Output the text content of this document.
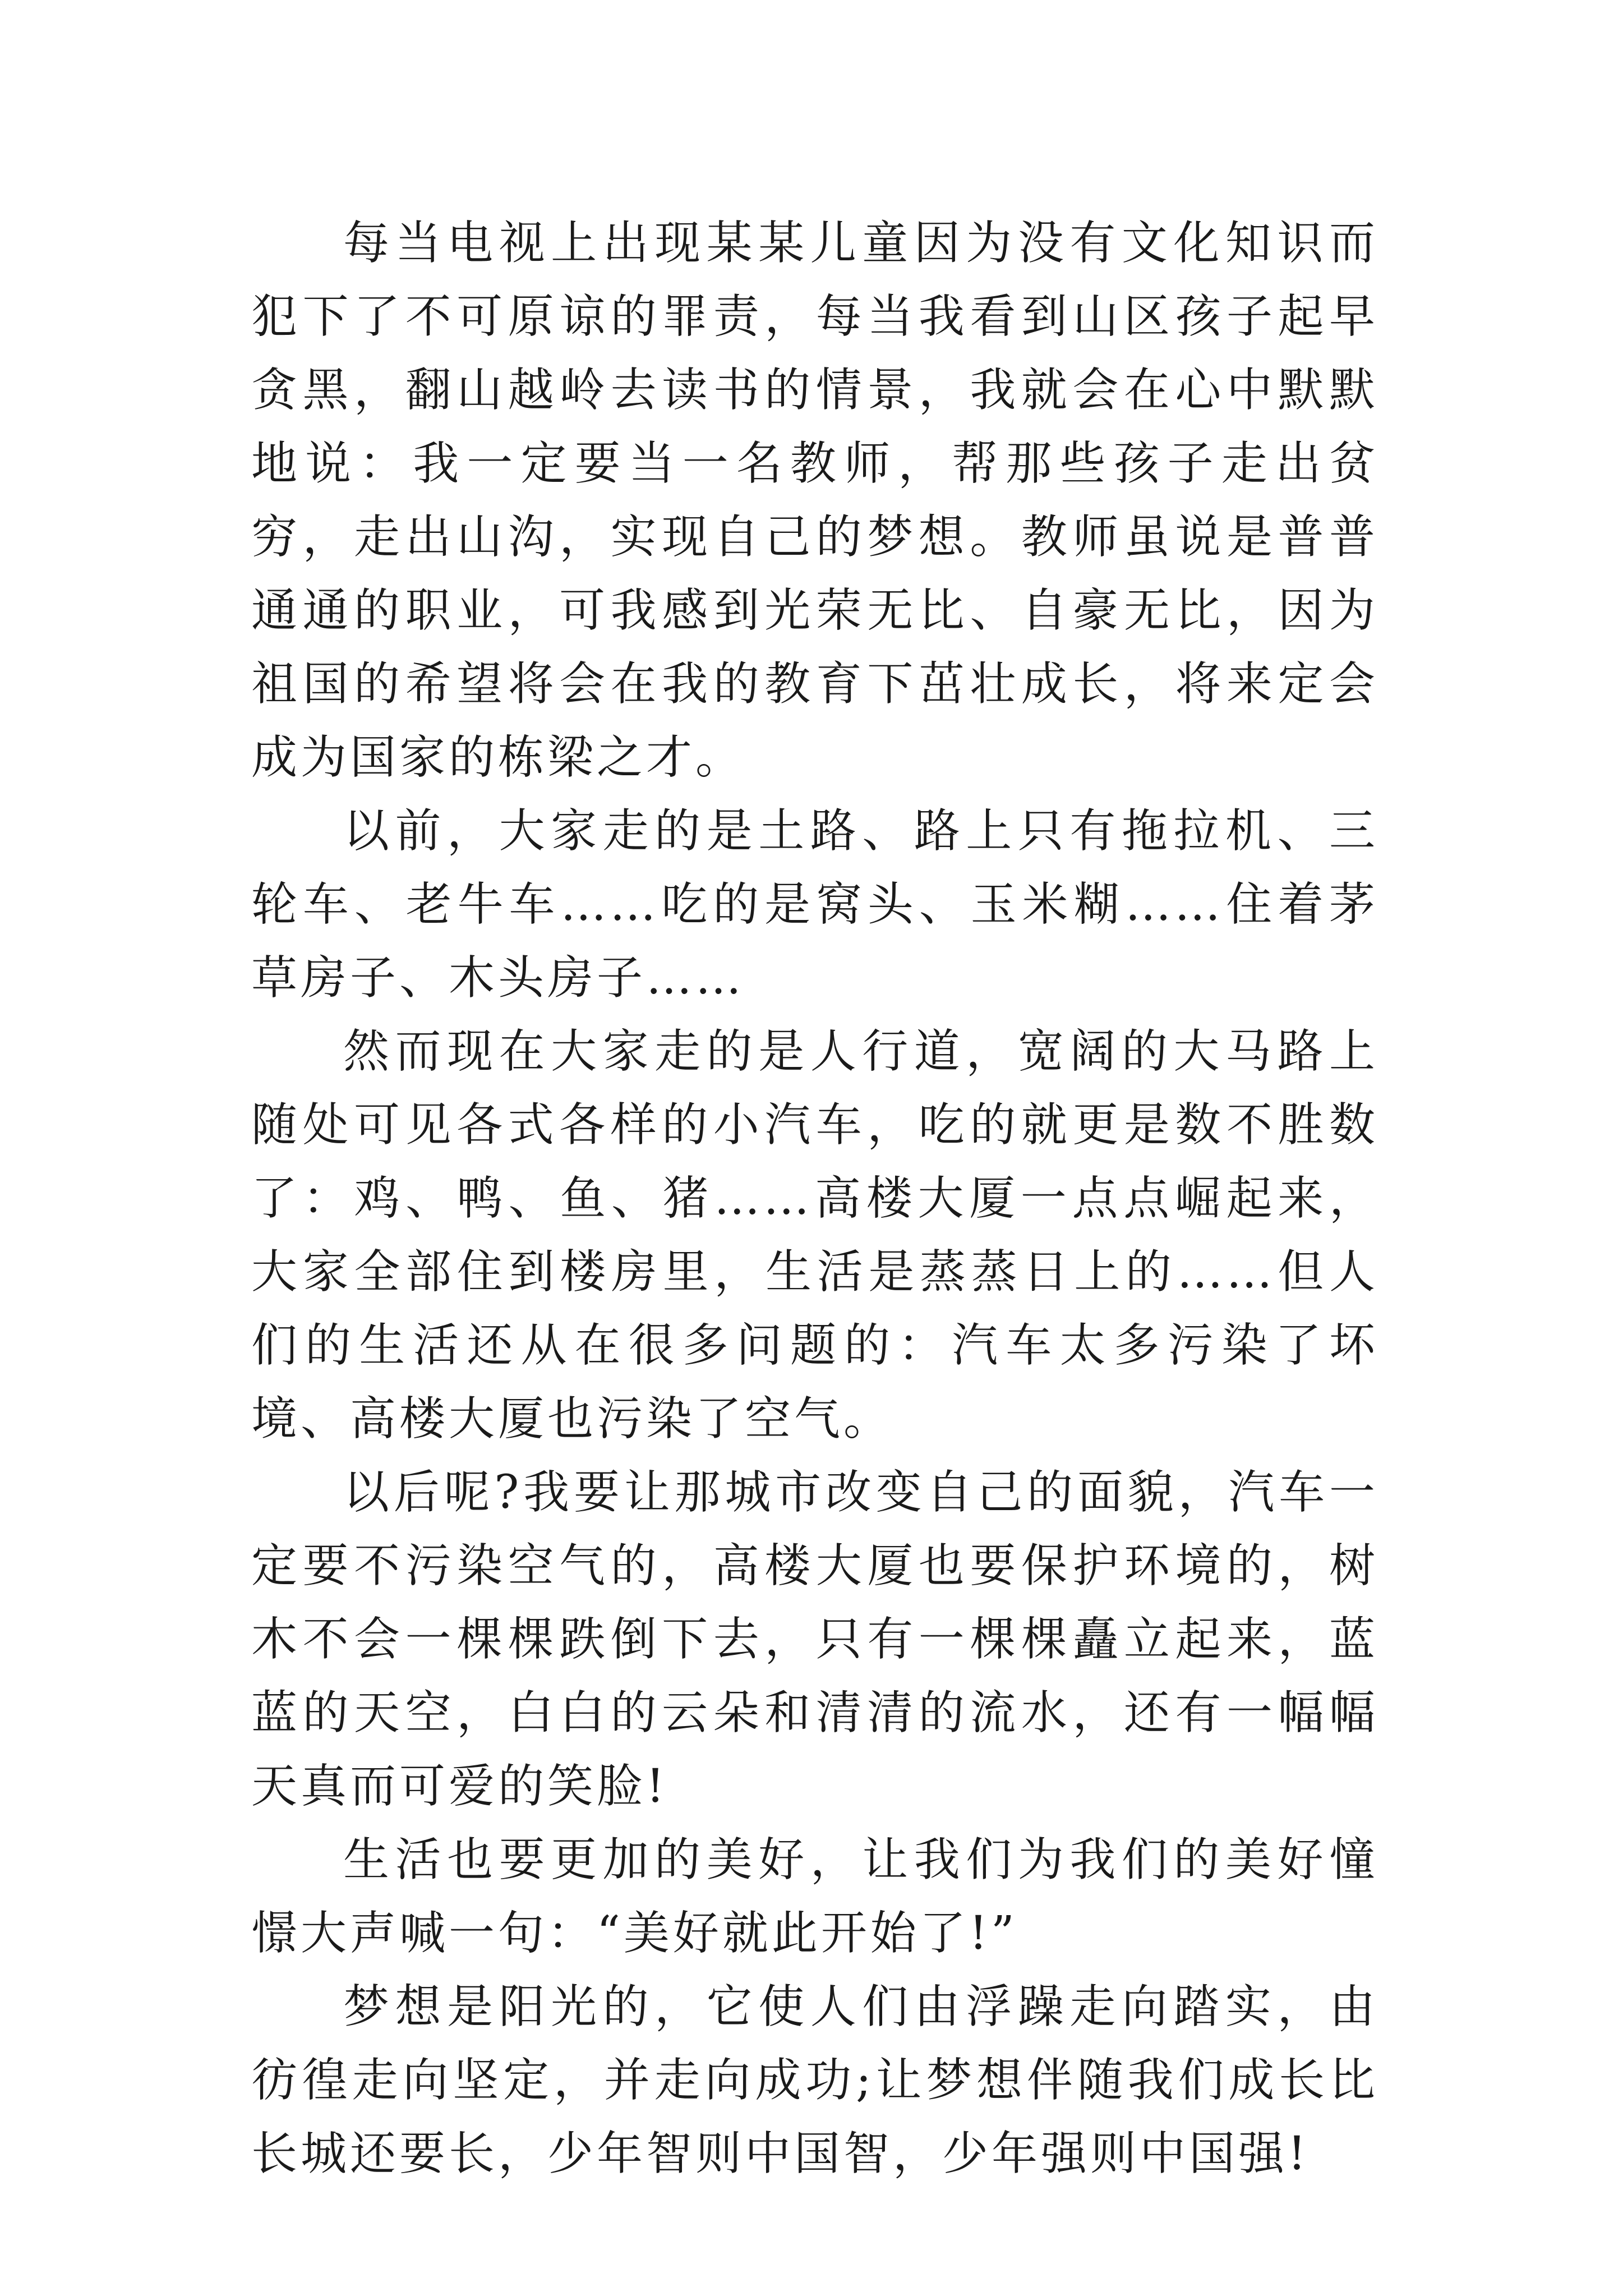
每当电视上出现某某儿童因为没有文化知识而犯下了不可原谅的罪责，每当我看到山区孩子起早贪黑，翻山越岭去读书的情景，我就会在心中默默地说：我一定要当一名教师，帮那些孩子走出贫穷，走出山沟，实现自己的梦想。教师虽说是普普通通的职业，可我感到光荣无比、自豪无比，因为祖国的希望将会在我的教育下茁壮成长，将来定会成为国家的栋梁之才。

以前，大家走的是土路、路上只有拖拉机、三轮车、老牛车……吃的是窝头、玉米糊……住着茅草房子、木头房子……

然而现在大家走的是人行道，宽阔的大马路上随处可见各式各样的小汽车，吃的就更是数不胜数了：鸡、鸭、鱼、猪……高楼大厦一点点崛起来，大家全部住到楼房里，生活是蒸蒸日上的……但人们的生活还从在很多问题的：汽车太多污染了坏境、高楼大厦也污染了空气。

以后呢?我要让那城市改变自己的面貌，汽车一定要不污染空气的，高楼大厦也要保护环境的，树木不会一棵棵跌倒下去，只有一棵棵矗立起来，蓝蓝的天空，白白的云朵和清清的流水，还有一幅幅天真而可爱的笑脸!

生活也要更加的美好，让我们为我们的美好憧憬大声喊一句：“美好就此开始了!”

梦想是阳光的，它使人们由浮躁走向踏实，由彷徨走向坚定，并走向成功;让梦想伴随我们成长比长城还要长，少年智则中国智，少年强则中国强!
